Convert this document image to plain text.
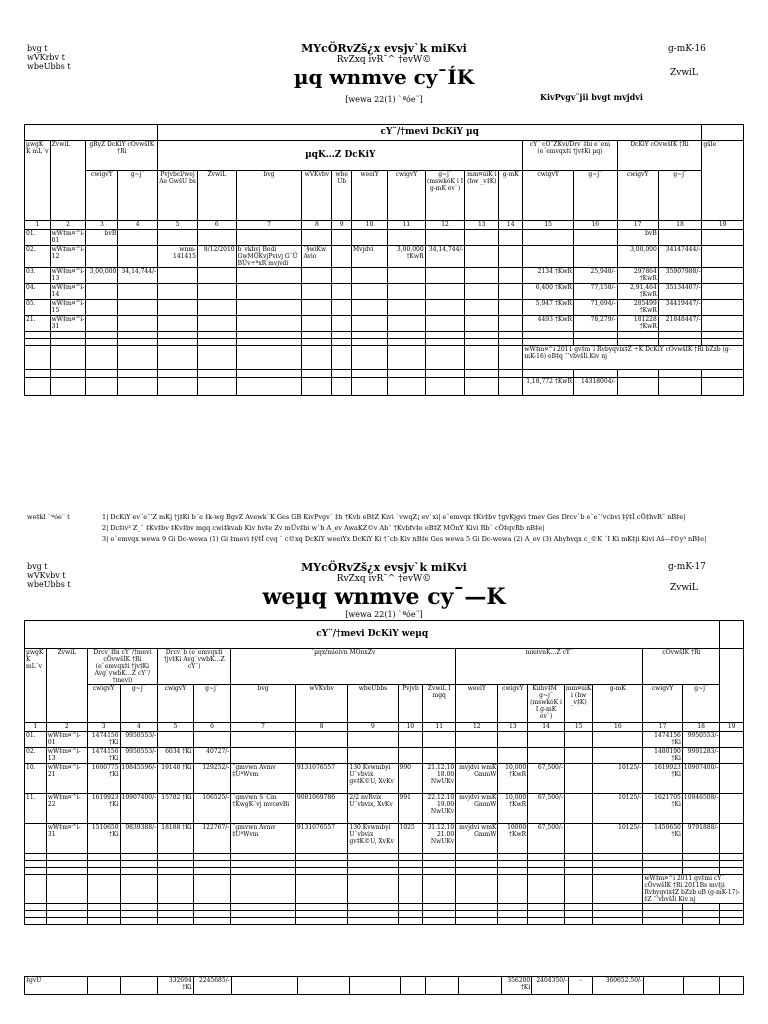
bvg t
wVKrbv t
wbeUbbs t
MYcÖRvZš¿x evsjv`k miKvi
RvZxq ivR¯^ †evW©
µq wnmve cy¯ÍK
[wewa 22(1) `ªóe¨]
g-mK-16
ZvwiL
KivPvgv¨jii bvgt mvjdvi
				cY¨/†mevi DcKiY µq														
µwgK K mL¨v	ZvwiL	gRyZ DcKiY cÖvwšÍK †Ri		µqK…Z DcKiY										cY¨ cÖ¯ZKvi/Drv`‡bi e¨eni (e¨emvqx‡i †jv‡Ki µq)		DcKiY cÖvwšÍK †Ri		gšÍe¨
		cwigvY	g~j¨	Pvjvbcl/wej Ae GwšU bs	ZvwiL	bvg	wVKvbv	wbe Ub	weeiY	cwigvY	g~j¨ (mswkóK i I g-mK ev`)	mm¤úiK i (hw _v‡K)	g-mK	cwigvY	g~j¨	cwigvY	g~j¨	
1	2	3	4	5	6	7	8	9	10	11	12	13	14	15	16	17	18	19
01.	wW‡m¤^i-01	bvB														bvB		
02.	wW‡m¤^i-12			wnm-141415	8/12/2010	b¨vkbvj Bedi GwMÖKvjPvivj G¨Û BÛv÷ªxR mvjvdi	¯§wiKw Avio		Mvjdvi	3,00,000 †KwR	34,14,744/-					3,00,000	34147444/-	
03.	wW‡m¤^i-13	3,00,000	34,14,744/-											2134 †KwR	25,948/-	297864 †KwR	35907988/-	
04.	wW‡m¤^i-14													6,400 †KwR	77,158/-	2,91,464 †KwR	35134407/-	
05.	wW‡m¤^i-15													5,947 †KwR	71,694/-	285499 †KwR	34419447/-	
21.	wW‡m¤^i-31													4493 †KwR	78,279/-	181228 †KwR	21848447/-	

														wW‡m¤^i 2011 gv‡m¨i Rvbyqvix‡Z ÷K DcKiY cÖvwšÍK †Ri bZzb (g-mK-16) eB‡q ¯’vbvšÍi Kiv nj				

														1,18,772 †KwR	14318004/-			
we‡kl `ªóe¨ t	1| DcKiY ev¨e¯’Z mKj †j‡Ki b¨e ‡k-wg BgvZ Avewk¨K Ges GB KivPvgv¨ ‡h †Kvb eB‡Z Kivi `vwqZ¡ ev`xi| e¨emvqx ‡Kv‡bv †gvKjgvi †mev Ges Drcv`b e¨e¯’vcbvi ‡ÿ‡Î cÖ‡hvR¨ nB‡e|
2| Dc‡iv³ Z_¨ ‡Kv‡bv ‡Kv‡bv mgq cwi‡kvab Kiv hv‡e Zv mÜv‡bi w`b A_ev AwaKZ©v Ab¨ †Kvbfv‡e eB‡Z MÖnY Kivi Rb¨ cÖ‡qvRb nB‡e|
3| e¨emvqx wewa 9 Gi Dc-wewa (1) Gi ‡mevi ‡ÿ‡Î cvq ¨ c©xq DcKiY weeiYx DcKiY Ki †¯cb Kiv nB‡e Ges wewa 5 Gi Dc-wewa (2) A_ev (3) Abyhvqx c_©K ¨I Ki mK‡ji Kivi Aš—f©y³ nB‡e|
bvg t
wVKvbv t
wbeUbbs t
MYcÖRvZš¿x evsjv`k miKvi
RvZxq ivR¯^ †evW©
weµq wnmve cy¯—K
[wewa 22(1) `ªóe¨]
g-mK-17
ZvwiL
cY¨/†mevi DcKiY weµq																		
µwgK K mL¨v	ZvwiL	Drcv`‡bi cY¨/†mevi cÖvwšÍK †Ri (e¨emvqx‡i †jv‡Ki Avg`vwbK…Z cY¨/†mevi)		Drcv`b (e¨emvqx‡i †jv‡Ki Avg`vwbK…Z cY¨)		¯µqx/mieivn MÖnxZv					mieivnK…Z cY¨					cÖvwšÍK †Ri		
		cwigvY	g~j¨	cwigvY	g~j¨	bvg	wVKvbv	wbeUbbs	Pvjvb	ZvwiL I mgq	weeiY	cwigvY	Kiihv‡M¨ g~j¨ (mswkóK i I g-mK ev`)	mm¤úiK i (hw _v‡K)	g-mK	cwigvY	g~j¨	
1	2	3	4	5	6	7	8	9	10	11	12	13	14	15	16	17	18	19
01.	wW‡m¤^i-01	1474156 †Ki	9950553/-													1474156 †Ki	9950553/-	
02.	wW‡m¤^i-13	1474156 †Ki	9950553/-	6034 †Ki	40727/-											1480190 †Ki	9991283/-	
10.	wW‡m¤^i-21	1600775 †Ki	10845596/-	19148 †Ki	129252/-	¯gmvwn Avmv ‡UªWvm	9131076557	130 Kvwmbyi U¨vbvix gv‡K©U, XvKv	990	21.12.10 18.00 NwUKv	mvjdvi wmK GmmW	10,000 †KwR	67,500/-		10125/-	1619923 †Ki	10907400/-	
11.	wW‡m¤^i-22	1619923 †Ki	10907400/-	15782 †Ki	106525/-	¯gmvwn S¨Cm †KwgK¨vj mvcøvBi	9081069786	2/2 nvRvix U¨vbvix, XvKv	991	22.12.10 19.00 NwUKv	mvjdvi wmK GmmW	10,000 †KwR	67,500/-		10125/-	1621705 †Ki	10946508/-	
	wW‡m¤^i-31	1510650 †Ki	9839388/-	18188 †Ki	122767/-	¯gmvwn Avmv ‡UªWvm	9131076557	130 Kvwmbyi U¨vbvix gv‡K©U, XvKv	1025	31.12.10 21.00 NwUKv	mvjdvi wmK GmmW	10000 †KwR	67,500/-		10125/-	1450650 †Ki	9791888/-	

																wW‡m¤^i 2011 gv‡mi cY¨ cÖvwšÍK †Ri 2011Bs mv‡ji Rvbyqvix‡Z bZzb eB (g-mK-17)-‡Z ¯’vbvšÍi Kiv nj		

‡gvU			332694 †Ki	2245685/-							356200 †Ki	2404350/-	-	360652.50/-			
